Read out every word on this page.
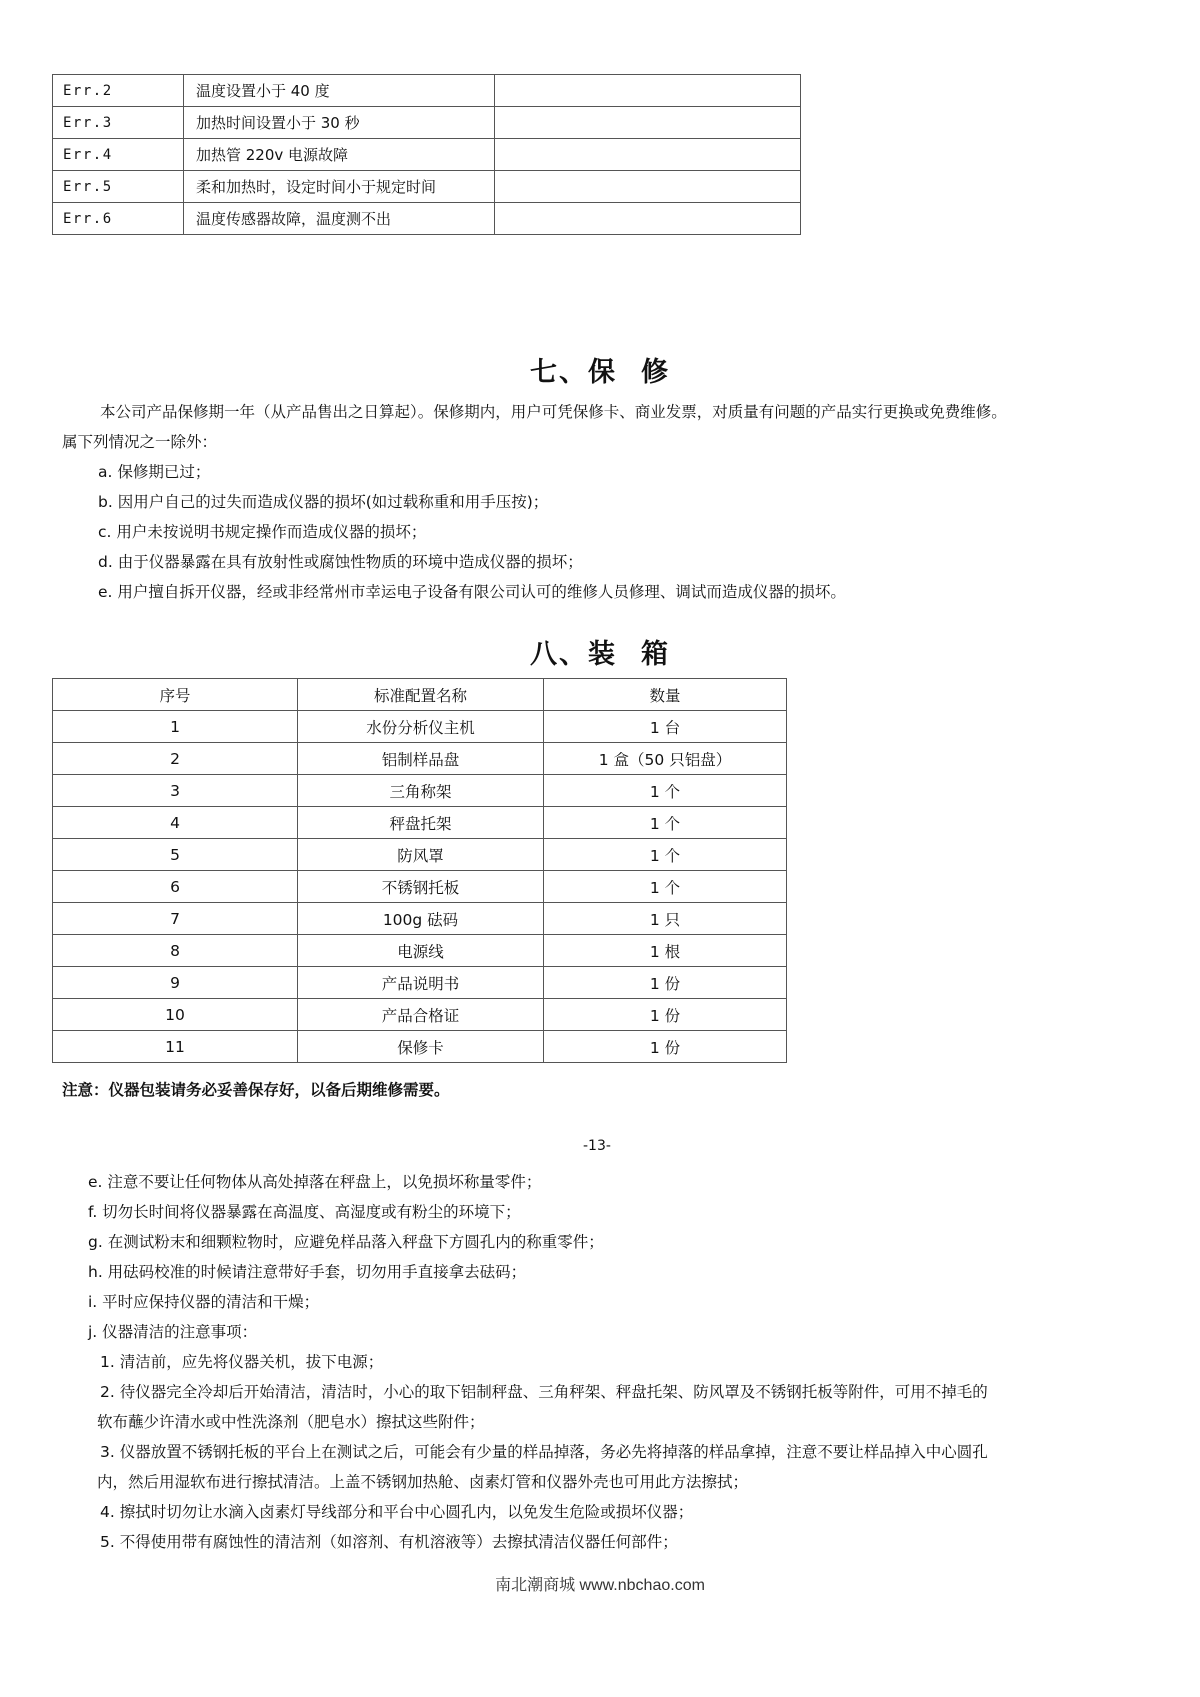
Err.2	温度设置小于 40 度	
Err.3	加热时间设置小于 30 秒	
Err.4	加热管 220v 电源故障	
Err.5	柔和加热时，设定时间小于规定时间	
Err.6	温度传感器故障，温度测不出	
七、保 修
本公司产品保修期一年（从产品售出之日算起）。保修期内，用户可凭保修卡、商业发票，对质量有问题的产品实行更换或免费维修。
属下列情况之一除外：
a. 保修期已过；
b. 因用户自己的过失而造成仪器的损坏(如过载称重和用手压按)；
c. 用户未按说明书规定操作而造成仪器的损坏；
d. 由于仪器暴露在具有放射性或腐蚀性物质的环境中造成仪器的损坏；
e. 用户擅自拆开仪器，经或非经常州市幸运电子设备有限公司认可的维修人员修理、调试而造成仪器的损坏。
八、装 箱
序号	标准配置名称	数量
1	水份分析仪主机	1 台
2	铝制样品盘	1 盒（50 只铝盘）
3	三角称架	1 个
4	秤盘托架	1 个
5	防风罩	1 个
6	不锈钢托板	1 个
7	100g 砝码	1 只
8	电源线	1 根
9	产品说明书	1 份
10	产品合格证	1 份
11	保修卡	1 份
注意：仪器包装请务必妥善保存好，以备后期维修需要。
-13-
e. 注意不要让任何物体从高处掉落在秤盘上，以免损坏称量零件；
f. 切勿长时间将仪器暴露在高温度、高湿度或有粉尘的环境下；
g. 在测试粉末和细颗粒物时，应避免样品落入秤盘下方圆孔内的称重零件；
h. 用砝码校准的时候请注意带好手套，切勿用手直接拿去砝码；
i. 平时应保持仪器的清洁和干燥；
j. 仪器清洁的注意事项：
1. 清洁前，应先将仪器关机，拔下电源；
2. 待仪器完全冷却后开始清洁，清洁时，小心的取下铝制秤盘、三角秤架、秤盘托架、防风罩及不锈钢托板等附件，可用不掉毛的
软布蘸少许清水或中性洗涤剂（肥皂水）擦拭这些附件；
3. 仪器放置不锈钢托板的平台上在测试之后，可能会有少量的样品掉落，务必先将掉落的样品拿掉，注意不要让样品掉入中心圆孔
内，然后用湿软布进行擦拭清洁。上盖不锈钢加热舱、卤素灯管和仪器外壳也可用此方法擦拭；
4. 擦拭时切勿让水滴入卤素灯导线部分和平台中心圆孔内，以免发生危险或损坏仪器；
5. 不得使用带有腐蚀性的清洁剂（如溶剂、有机溶液等）去擦拭清洁仪器任何部件；
南北潮商城 www.nbchao.com
